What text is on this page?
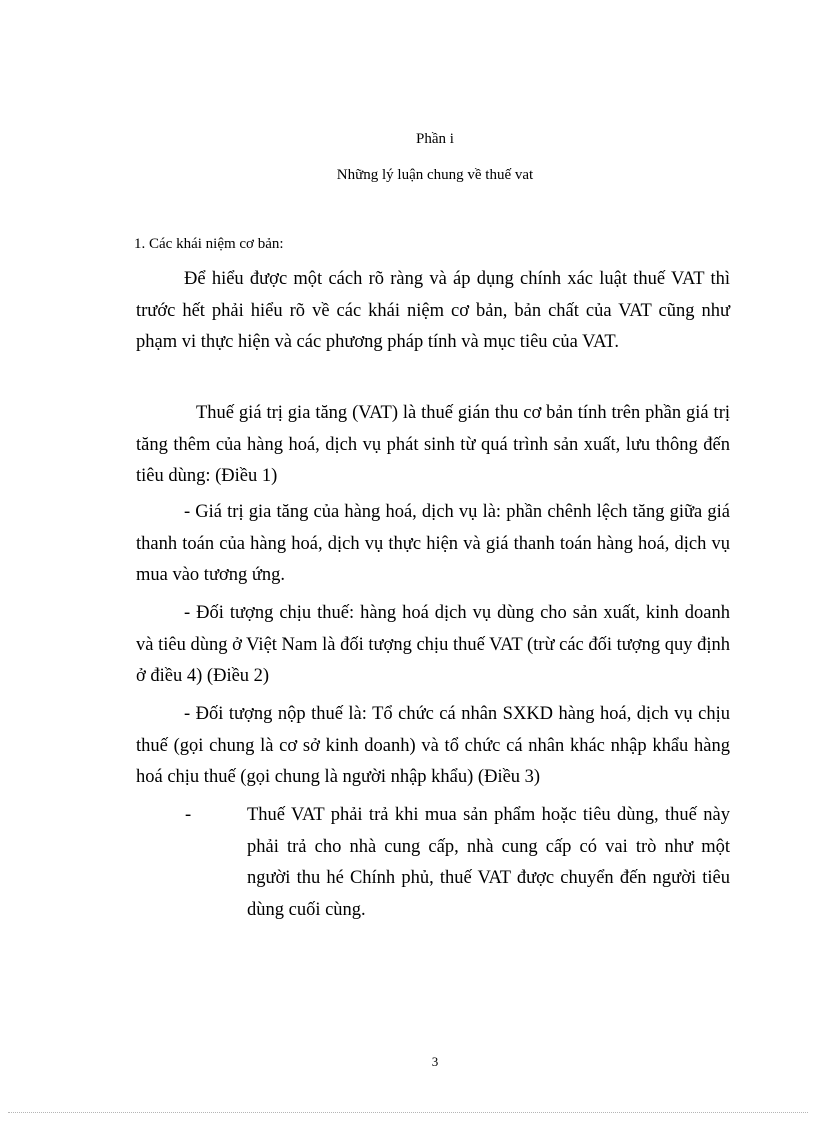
Phần i
Những lý luận chung về thuế vat
1. Các khái niệm cơ bản:

Để hiểu được một cách rõ ràng và áp dụng chính xác luật thuế VAT thì trước hết phải hiểu rõ về các khái niệm cơ bản, bản chất của VAT cũng như phạm vi thực hiện và các phương pháp tính và mục tiêu của VAT.

Thuế giá trị gia tăng (VAT) là thuế gián thu cơ bản tính trên phần giá trị tăng thêm của hàng hoá, dịch vụ phát sinh từ quá trình sản xuất, lưu thông đến tiêu dùng: (Điều 1)

- Giá trị gia tăng của hàng hoá, dịch vụ là: phần chênh lệch tăng giữa giá thanh toán của hàng hoá, dịch vụ thực hiện và giá thanh toán hàng hoá, dịch vụ mua vào tương ứng.

- Đối tượng chịu thuế: hàng hoá dịch vụ dùng cho sản xuất, kinh doanh và tiêu dùng ở Việt Nam là đối tượng chịu thuế VAT (trừ các đối tượng quy định ở điều 4) (Điều 2)

- Đối tượng nộp thuế là: Tổ chức cá nhân SXKD hàng hoá, dịch vụ chịu thuế (gọi chung là cơ sở kinh doanh) và tổ chức cá nhân khác nhập khẩu hàng hoá chịu thuế (gọi chung là người nhập khẩu) (Điều 3)

-	Thuế VAT phải trả khi mua sản phẩm hoặc tiêu dùng, thuế này phải trả cho nhà cung cấp, nhà cung cấp có vai trò như một người thu hé Chính phủ, thuế VAT được chuyển đến người tiêu dùng cuối cùng.

3
